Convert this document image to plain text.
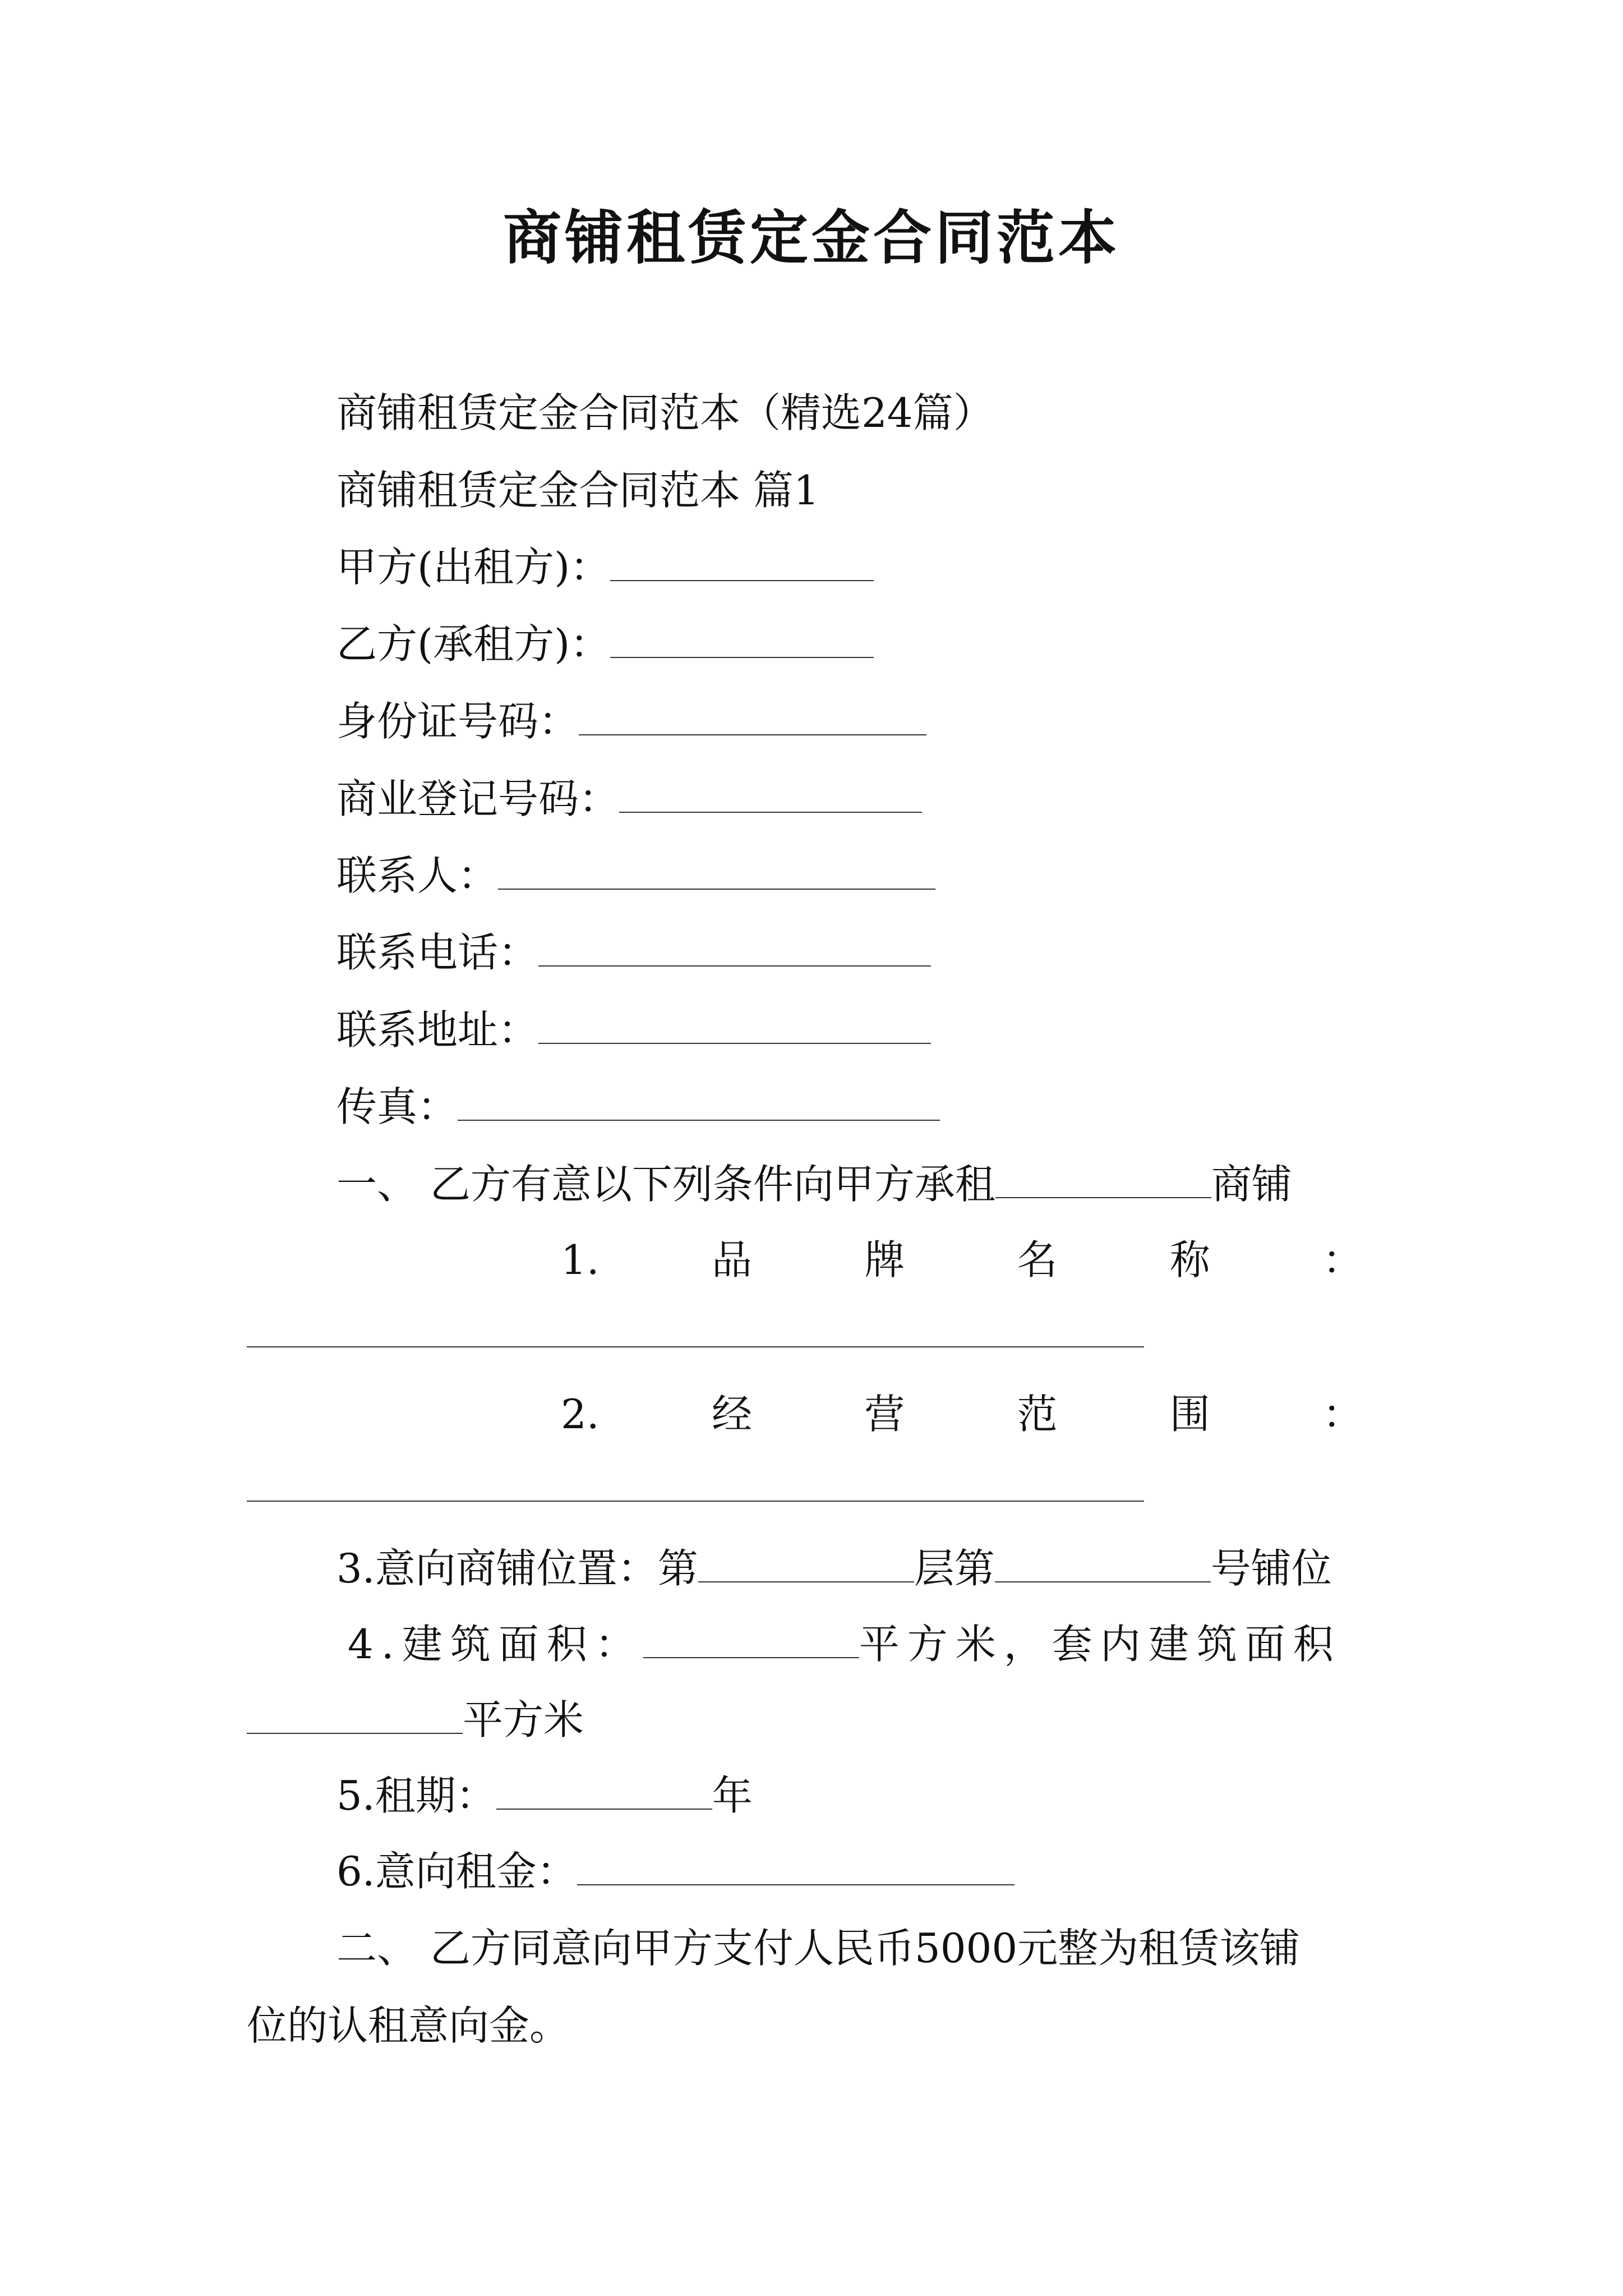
商铺租赁定金合同范本
商铺租赁定金合同范本（精选24篇）
商铺租赁定金合同范本 篇1
甲方(出租方)：
乙方(承租方)：
身份证号码：
商业登记号码：
联系人：
联系电话：
联系地址：
传真：
一、 乙方有意以下列条件向甲方承租	商铺
1.	品	牌	名	称	：
2.	经	营	范	围	：
3.意向商铺位置：第	层第	号铺位
4.建筑面积：	平方米，套内建筑面积
平方米
5.租期：	年
6.意向租金：
二、 乙方同意向甲方支付人民币5000元整为租赁该铺
位的认租意向金。
